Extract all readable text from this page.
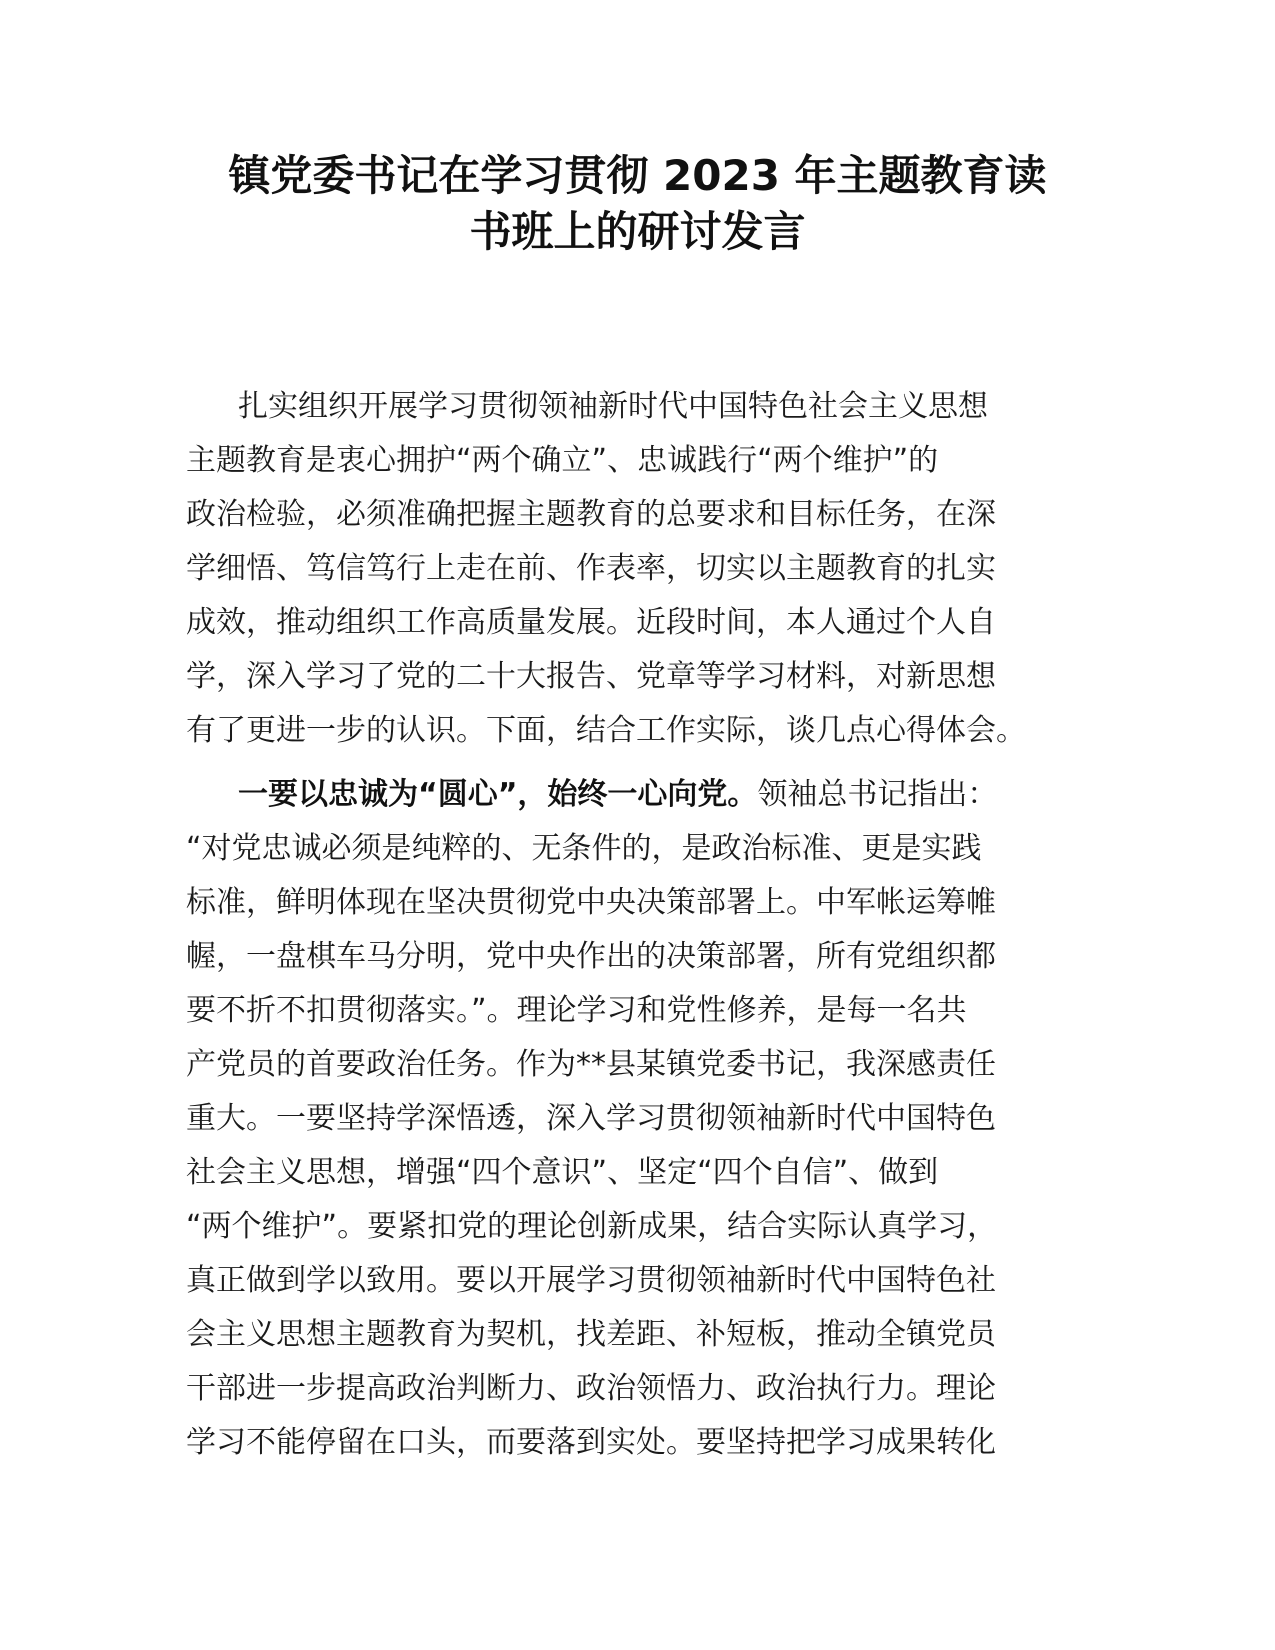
镇党委书记在学习贯彻 2023 年主题教育读
书班上的研讨发言

扎实组织开展学习贯彻领袖新时代中国特色社会主义思想
主题教育是衷心拥护“两个确立”、忠诚践行“两个维护”的
政治检验，必须准确把握主题教育的总要求和目标任务，在深
学细悟、笃信笃行上走在前、作表率，切实以主题教育的扎实
成效，推动组织工作高质量发展。近段时间，本人通过个人自
学，深入学习了党的二十大报告、党章等学习材料，对新思想
有了更进一步的认识。下面，结合工作实际，谈几点心得体会。

一要以忠诚为“圆心”，始终一心向党。领袖总书记指出：
“对党忠诚必须是纯粹的、无条件的，是政治标准、更是实践
标准，鲜明体现在坚决贯彻党中央决策部署上。中军帐运筹帷
幄，一盘棋车马分明，党中央作出的决策部署，所有党组织都
要不折不扣贯彻落实。”。理论学习和党性修养，是每一名共
产党员的首要政治任务。作为**县某镇党委书记，我深感责任
重大。一要坚持学深悟透，深入学习贯彻领袖新时代中国特色
社会主义思想，增强“四个意识”、坚定“四个自信”、做到
“两个维护”。要紧扣党的理论创新成果，结合实际认真学习，
真正做到学以致用。要以开展学习贯彻领袖新时代中国特色社
会主义思想主题教育为契机，找差距、补短板，推动全镇党员
干部进一步提高政治判断力、政治领悟力、政治执行力。理论
学习不能停留在口头，而要落到实处。要坚持把学习成果转化
